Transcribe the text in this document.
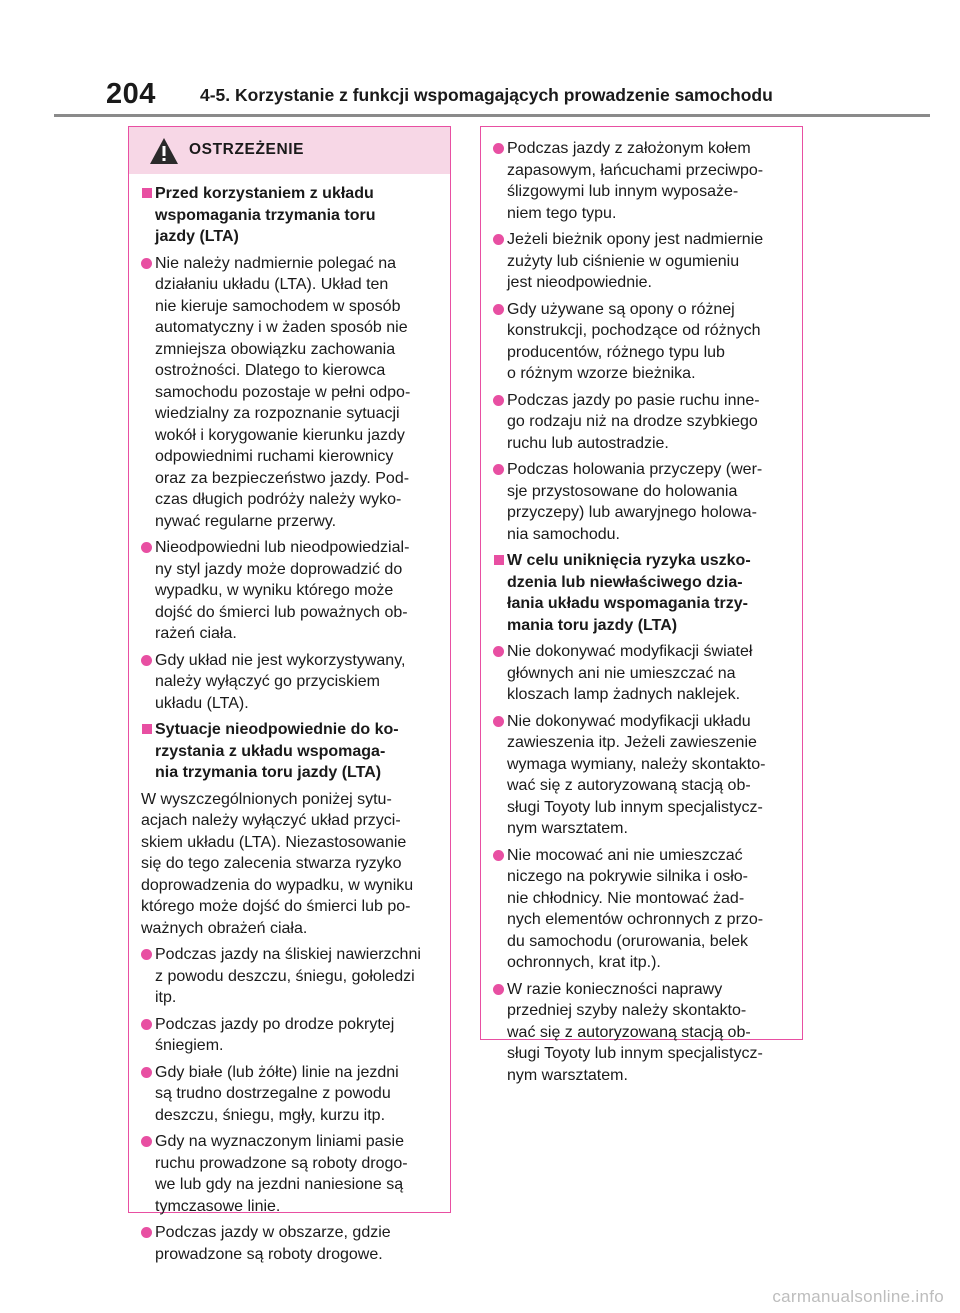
204	4-5. Korzystanie z funkcji wspomagających prowadzenie samochodu
OSTRZEŻENIE
Przed korzystaniem z układu
wspomagania trzymania toru
jazdy (LTA)
Nie należy nadmiernie polegać na
działaniu układu (LTA). Układ ten
nie kieruje samochodem w sposób
automatyczny i w żaden sposób nie
zmniejsza obowiązku zachowania
ostrożności. Dlatego to kierowca
samochodu pozostaje w pełni odpo-
wiedzialny za rozpoznanie sytuacji
wokół i korygowanie kierunku jazdy
odpowiednimi ruchami kierownicy
oraz za bezpieczeństwo jazdy. Pod-
czas długich podróży należy wyko-
nywać regularne przerwy.
Nieodpowiedni lub nieodpowiedzial-
ny styl jazdy może doprowadzić do
wypadku, w wyniku którego może
dojść do śmierci lub poważnych ob-
rażeń ciała.
Gdy układ nie jest wykorzystywany,
należy wyłączyć go przyciskiem
układu (LTA).
Sytuacje nieodpowiednie do ko-
rzystania z układu wspomaga-
nia trzymania toru jazdy (LTA)
W wyszczególnionych poniżej sytu-
acjach należy wyłączyć układ przyci-
skiem układu (LTA). Niezastosowanie
się do tego zalecenia stwarza ryzyko
doprowadzenia do wypadku, w wyniku
którego może dojść do śmierci lub po-
ważnych obrażeń ciała.
Podczas jazdy na śliskiej nawierzchni
z powodu deszczu, śniegu, gołoledzi
itp.
Podczas jazdy po drodze pokrytej
śniegiem.
Gdy białe (lub żółte) linie na jezdni
są trudno dostrzegalne z powodu
deszczu, śniegu, mgły, kurzu itp.
Gdy na wyznaczonym liniami pasie
ruchu prowadzone są roboty drogo-
we lub gdy na jezdni naniesione są
tymczasowe linie.
Podczas jazdy w obszarze, gdzie
prowadzone są roboty drogowe.
Podczas jazdy z założonym kołem
zapasowym, łańcuchami przeciwpo-
ślizgowymi lub innym wyposaże-
niem tego typu.
Jeżeli bieżnik opony jest nadmiernie
zużyty lub ciśnienie w ogumieniu
jest nieodpowiednie.
Gdy używane są opony o różnej
konstrukcji, pochodzące od różnych
producentów, różnego typu lub
o różnym wzorze bieżnika.
Podczas jazdy po pasie ruchu inne-
go rodzaju niż na drodze szybkiego
ruchu lub autostradzie.
Podczas holowania przyczepy (wer-
sje przystosowane do holowania
przyczepy) lub awaryjnego holowa-
nia samochodu.
W celu uniknięcia ryzyka uszko-
dzenia lub niewłaściwego dzia-
łania układu wspomagania trzy-
mania toru jazdy (LTA)
Nie dokonywać modyfikacji świateł
głównych ani nie umieszczać na
kloszach lamp żadnych naklejek.
Nie dokonywać modyfikacji układu
zawieszenia itp. Jeżeli zawieszenie
wymaga wymiany, należy skontakto-
wać się z autoryzowaną stacją ob-
sługi Toyoty lub innym specjalistycz-
nym warsztatem.
Nie mocować ani nie umieszczać
niczego na pokrywie silnika i osło-
nie chłodnicy. Nie montować żad-
nych elementów ochronnych z przo-
du samochodu (orurowania, belek
ochronnych, krat itp.).
W razie konieczności naprawy
przedniej szyby należy skontakto-
wać się z autoryzowaną stacją ob-
sługi Toyoty lub innym specjalistycz-
nym warsztatem.
carmanualsonline.info
